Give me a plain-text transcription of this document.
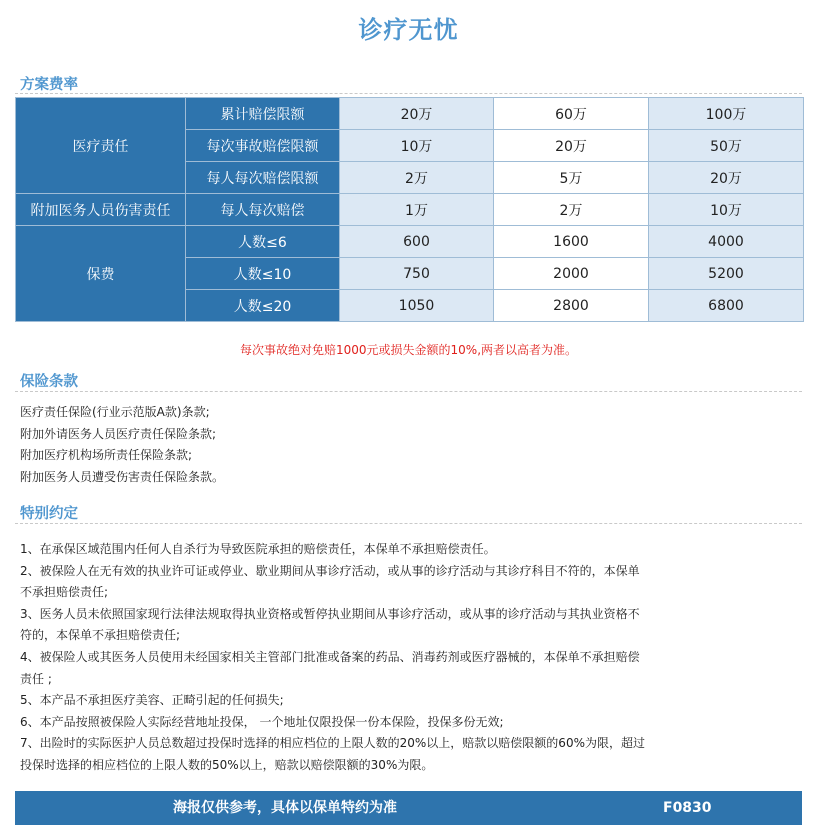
诊疗无忧
方案费率
医疗责任	累计赔偿限额	20万	60万	100万
	每次事故赔偿限额	10万	20万	50万
	每人每次赔偿限额	2万	5万	20万
附加医务人员伤害责任	每人每次赔偿	1万	2万	10万
保费	人数≤6	600	1600	4000
	人数≤10	750	2000	5200
	人数≤20	1050	2800	6800
每次事故绝对免赔1000元或损失金额的10%,两者以高者为准。
保险条款
医疗责任保险(行业示范版A款)条款;
附加外请医务人员医疗责任保险条款;
附加医疗机构场所责任保险条款;
附加医务人员遭受伤害责任保险条款。
特别约定
1、在承保区域范围内任何人自杀行为导致医院承担的赔偿责任，本保单不承担赔偿责任。
2、被保险人在无有效的执业许可证或停业、歇业期间从事诊疗活动，或从事的诊疗活动与其诊疗科目不符的，本保单
不承担赔偿责任;
3、医务人员未依照国家现行法律法规取得执业资格或暂停执业期间从事诊疗活动，或从事的诊疗活动与其执业资格不
符的，本保单不承担赔偿责任;
4、被保险人或其医务人员使用未经国家相关主管部门批准或备案的药品、消毒药剂或医疗器械的，本保单不承担赔偿
责任 ;
5、本产品不承担医疗美容、正畸引起的任何损失;
6、本产品按照被保险人实际经营地址投保， 一个地址仅限投保一份本保险，投保多份无效;
7、出险时的实际医护人员总数超过投保时选择的相应档位的上限人数的20%以上，赔款以赔偿限额的60%为限，超过
投保时选择的相应档位的上限人数的50%以上，赔款以赔偿限额的30%为限。
海报仅供参考，具体以保单特约为准	F0830
